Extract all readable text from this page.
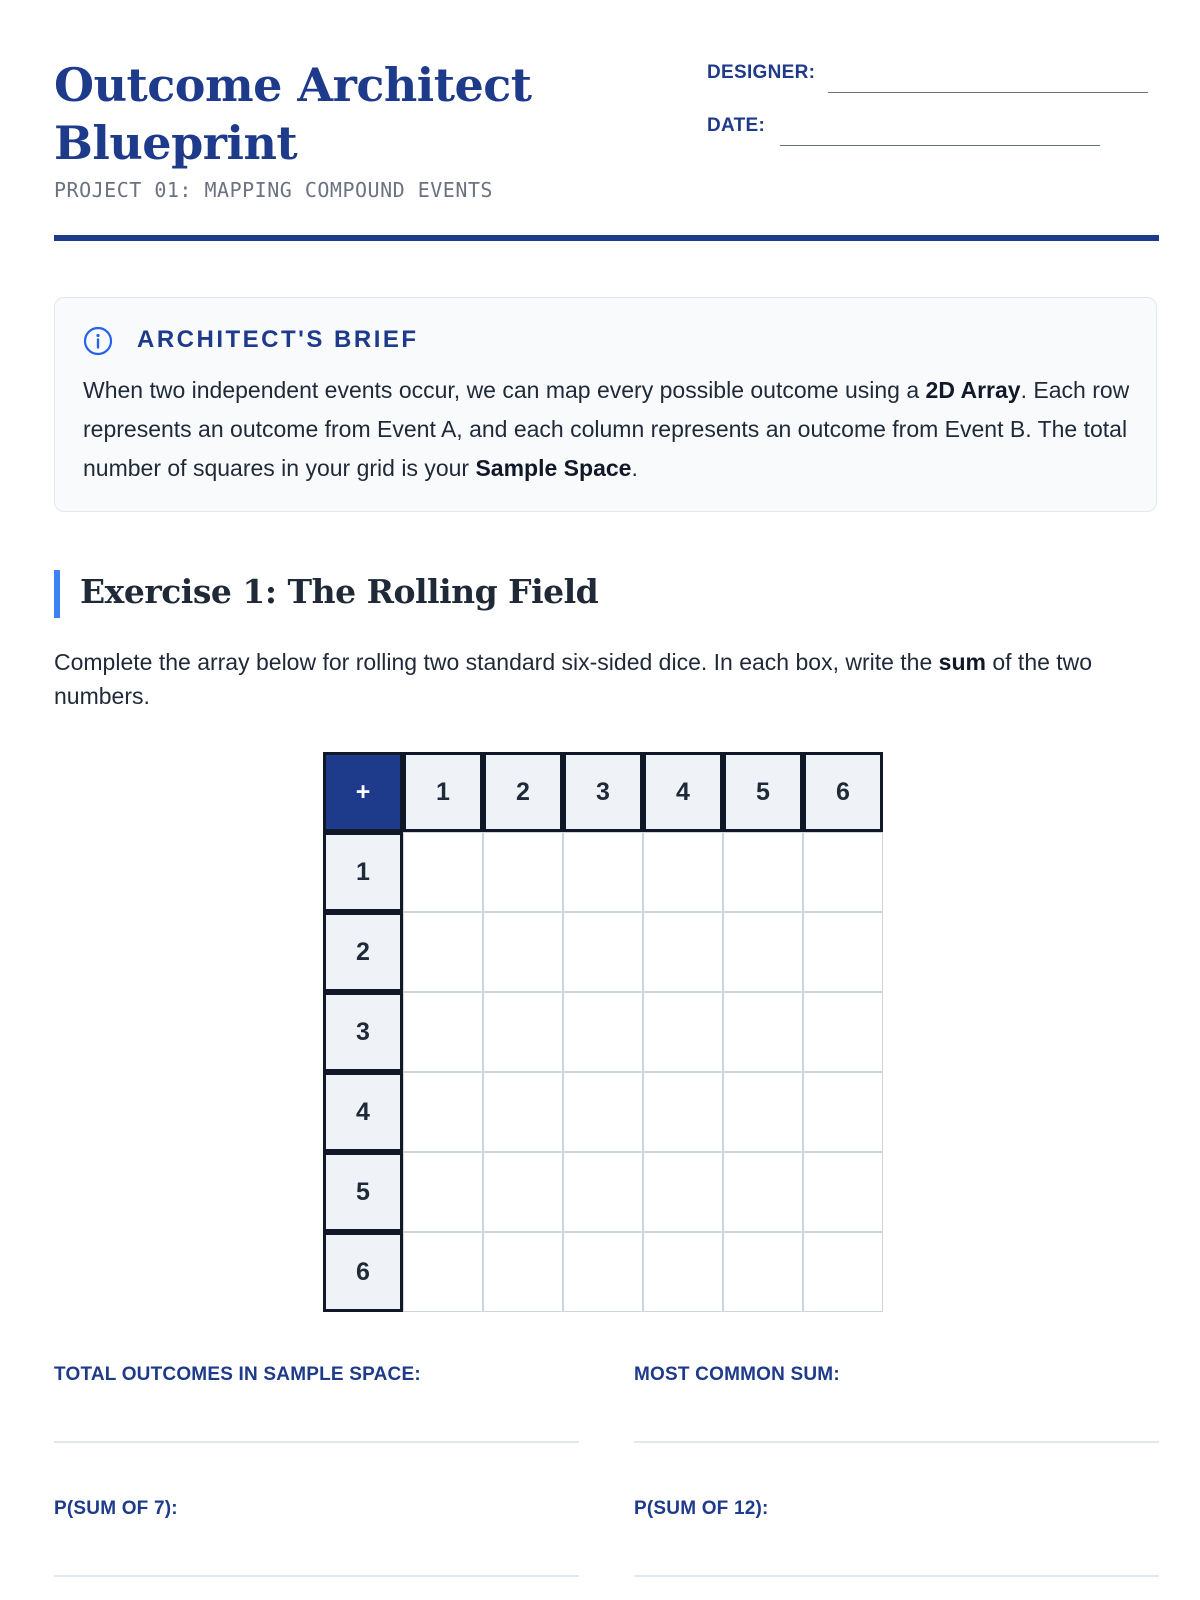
Outcome Architect Blueprint
PROJECT 01: MAPPING COMPOUND EVENTS
DESIGNER:
DATE:
ARCHITECT'S BRIEF
When two independent events occur, we can map every possible outcome using a 2D Array. Each row represents an outcome from Event A, and each column represents an outcome from Event B. The total number of squares in your grid is your Sample Space.
Exercise 1: The Rolling Field
Complete the array below for rolling two standard six-sided dice. In each box, write the sum of the two numbers.
+	1	2	3	4	5	6
1
2
3
4
5
6
TOTAL OUTCOMES IN SAMPLE SPACE:	MOST COMMON SUM:
P(SUM OF 7):	P(SUM OF 12):
